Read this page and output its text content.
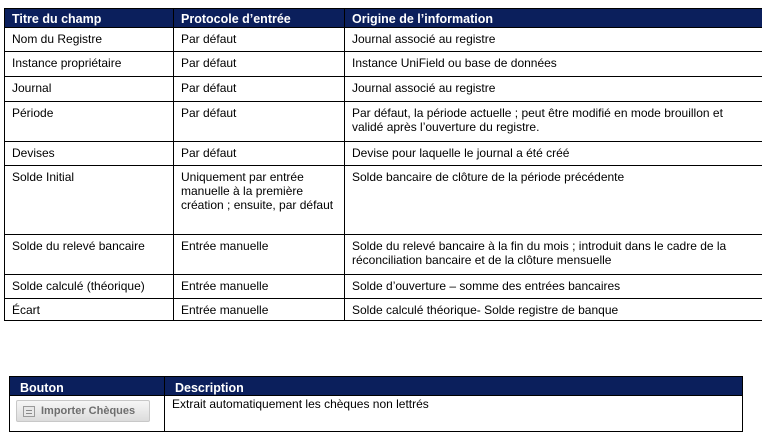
Titre du champ	Protocole d’entrée	Origine de l’information

Nom du Registre	Par défaut	Journal associé au registre

Instance propriétaire	Par défaut	Instance UniField ou base de données

Journal	Par défaut	Journal associé au registre

Période	Par défaut	Par défaut, la période actuelle ; peut être modifié en mode brouillon et validé après l’ouverture du registre.

Devises	Par défaut	Devise pour laquelle le journal a été créé

Solde Initial	Uniquement par entrée manuelle à la première création ; ensuite, par défaut	Solde bancaire de clôture de la période précédente

Solde du relevé bancaire	Entrée manuelle	Solde du relevé bancaire à la fin du mois ; introduit dans le cadre de la réconciliation bancaire et de la clôture mensuelle

Solde calculé (théorique)	Entrée manuelle	Solde d’ouverture – somme des entrées bancaires

Écart	Entrée manuelle	Solde calculé théorique- Solde registre de banque
Bouton	Description

Importer Chèques	Extrait automatiquement les chèques non lettrés
